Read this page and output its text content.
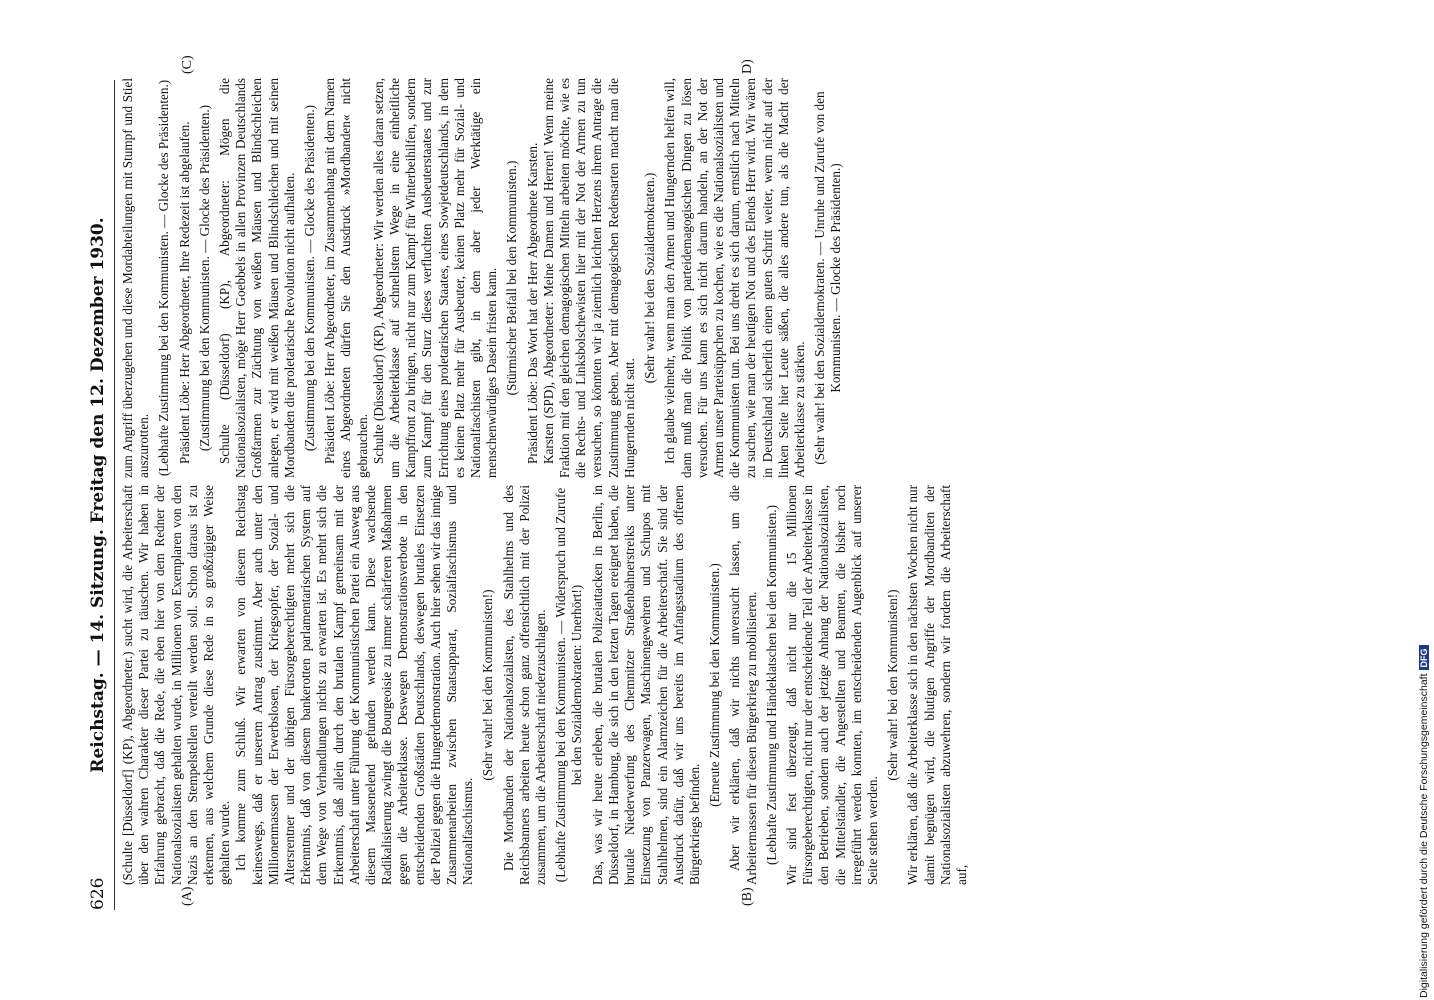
626
Reichstag. — 14. Sitzung. Freitag den 12. Dezember 1930.
(A)	(B)
(C)	D)
(Schulte [Düsseldorf] (KP), Abgeordneter.) sucht wird, die Arbeiterschaft über den wahren Charakter dieser Partei zu täuschen. Wir haben in Erfahrung gebracht, daß die Rede, die eben hier von dem Redner der Nationalsozialisten gehalten wurde, in Millionen von Exemplaren von den Nazis an den Stempelstellen verteilt werden soll. Schon daraus ist zu erkennen, aus welchem Grunde diese Rede in so großzügiger Weise gehalten wurde. Ich komme zum Schluß. Wir erwarten von diesem Reichstag keineswegs, daß er unserem Antrag zustimmt. Aber auch unter den Millionenmassen der Erwerbslosen, der Kriegsopfer, der Sozial- und Altersrentner und der übrigen Fürsorgeberechtigten mehrt sich die Erkenntnis, daß von diesem bankerotten parlamentarischen System auf dem Wege von Verhandlungen nichts zu erwarten ist. Es mehrt sich die Erkenntnis, daß allein durch den brutalen Kampf gemeinsam mit der Arbeiterschaft unter Führung der Kommunistischen Partei ein Ausweg aus diesem Massenelend gefunden werden kann. Diese wachsende Radikalisierung zwingt die Bourgeoisie zu immer schärferen Maßnahmen gegen die Arbeiterklasse. Deswegen Demonstrationsverbote in den entscheidenden Großstädten Deutschlands, deswegen brutales Einsetzen der Polizei gegen die Hungerdemonstration. Auch hier sehen wir das innige Zusammenarbeiten zwischen Staatsapparat, Sozialfaschismus und Nationalfaschismus.
(Sehr wahr! bei den Kommunisten!) Die Mordbanden der Nationalsozialisten, des Stahlhelms und des Reichsbanners arbeiten heute schon ganz offensichtlich mit der Polizei zusammen, um die Arbeiterschaft niederzuschlagen. (Lebhafte Zustimmung bei den Kommunisten. — Widerspruch und Zurufe bei den Sozialdemokraten: Unerhört!) Das, was wir heute erleben, die brutalen Polizeiattacken in Berlin, in Düsseldorf, in Hamburg, die sich in den letzten Tagen ereignet haben, die brutale Niederwerfung des Chemnitzer Straßenbahnerstreiks unter Einsetzung von Panzerwagen, Maschinengewehren und Schupos mit Stahlhelmen, sind ein Alarmzeichen für die Arbeiterschaft. Sie sind der Ausdruck dafür, daß wir uns bereits im Anfangsstadium des offenen Bürgerkriegs befinden.
(Erneute Zustimmung bei den Kommunisten.) Aber wir erklären, daß wir nichts unversucht lassen, um die Arbeitermassen für diesen Bürgerkrieg zu mobilisieren. (Lebhafte Zustimmung und Händeklatschen bei den Kommunisten.) Wir sind fest überzeugt, daß nicht nur die 15 Millionen Fürsorgeberechtigten, nicht nur der entscheidende Teil der Arbeiterklasse in den Betrieben, sondern auch der jetzige Anhang der Nationalsozialisten, die Mittelständler, die Angestellten und Beamten, die bisher noch irregeführt werden konnten, im entscheidenden Augenblick auf unserer Seite stehen werden.
(Sehr wahr! bei den Kommunisten!) Wir erklären, daß die Arbeiterklasse sich in den nächsten Wochen nicht nur damit begnügen wird, die blutigen Angriffe der Mordbanditen der Nationalsozialisten abzuwehren, sondern wir fordern die Arbeiterschaft auf,
zum Angriff überzugehen und diese Mordabteilungen mit Stumpf und Stiel auszurotten. (Lebhafte Zustimmung bei den Kommunisten. — Glocke des Präsidenten.) Präsident Löbe: Herr Abgeordneter, Ihre Redezeit ist abgelaufen. (Zustimmung bei den Kommunisten. — Glocke des Präsidenten.) Schulte (Düsseldorf) (KP), Abgeordneter: Mögen die Nationalsozialisten, möge Herr Goebbels in allen Provinzen Deutschlands Großfarmen zur Züchtung von weißen Mäusen und Blindschleichen anlegen, er wird mit weißen Mäusen und Blindschleichen und mit seinen Mordbanden die proletarische Revolution nicht aufhalten. (Zustimmung bei den Kommunisten. — Glocke des Präsidenten.) Präsident Löbe: Herr Abgeordneter, im Zusammenhang mit dem Namen eines Abgeordneten dürfen Sie den Ausdruck »Mordbanden« nicht gebrauchen. Schulte (Düsseldorf) (KP), Abgeordneter: Wir werden alles daran setzen, um die Arbeiterklasse auf schnellstem Wege in eine einheitliche Kampffront zu bringen, nicht nur zum Kampf für Winterbeihilfen, sondern zum Kampf für den Sturz dieses verfluchten Ausbeuterstaates und zur Errichtung eines proletarischen Staates, eines Sowjetdeutschlands, in dem es keinen Platz mehr für Ausbeuter, keinen Platz mehr für Sozial- und Nationalfaschisten gibt, in dem aber jeder Werktätige ein menschenwürdiges Dasein fristen kann. (Stürmischer Beifall bei den Kommunisten.) Präsident Löbe: Das Wort hat der Herr Abgeordnete Karsten. Karsten (SPD), Abgeordneter: Meine Damen und Herren! Wenn meine Fraktion mit den gleichen demagogischen Mitteln arbeiten möchte, wie es die Rechts- und Linksbolschewisten hier mit der Not der Armen zu tun versuchen, so könnten wir ja ziemlich leichten Herzens ihrem Antrage die Zustimmung geben. Aber mit demagogischen Redensarten macht man die Hungernden nicht satt.
(Sehr wahr! bei den Sozialdemokraten.) Ich glaube vielmehr, wenn man den Armen und Hungernden helfen will, dann muß man die Politik von parteidemagogischen Dingen zu lösen versuchen. Für uns kann es sich nicht darum handeln, an der Not der Armen unser Parteisüppchen zu kochen, wie es die Nationalsozialisten und die Kommunisten tun. Bei uns dreht es sich darum, ernstlich nach Mitteln zu suchen, wie man der heutigen Not und des Elends Herr wird. Wir wären in Deutschland sicherlich einen guten Schritt weiter, wenn nicht auf der linken Seite hier Leute säßen, die alles andere tun, als die Macht der Arbeiterklasse zu stärken. (Sehr wahr! bei den Sozialdemokraten. — Unruhe und Zurufe von den Kommunisten. — Glocke des Präsidenten.)
Digitalisierung gefördert durch die Deutsche ForschungsgemeinschaftDFG
